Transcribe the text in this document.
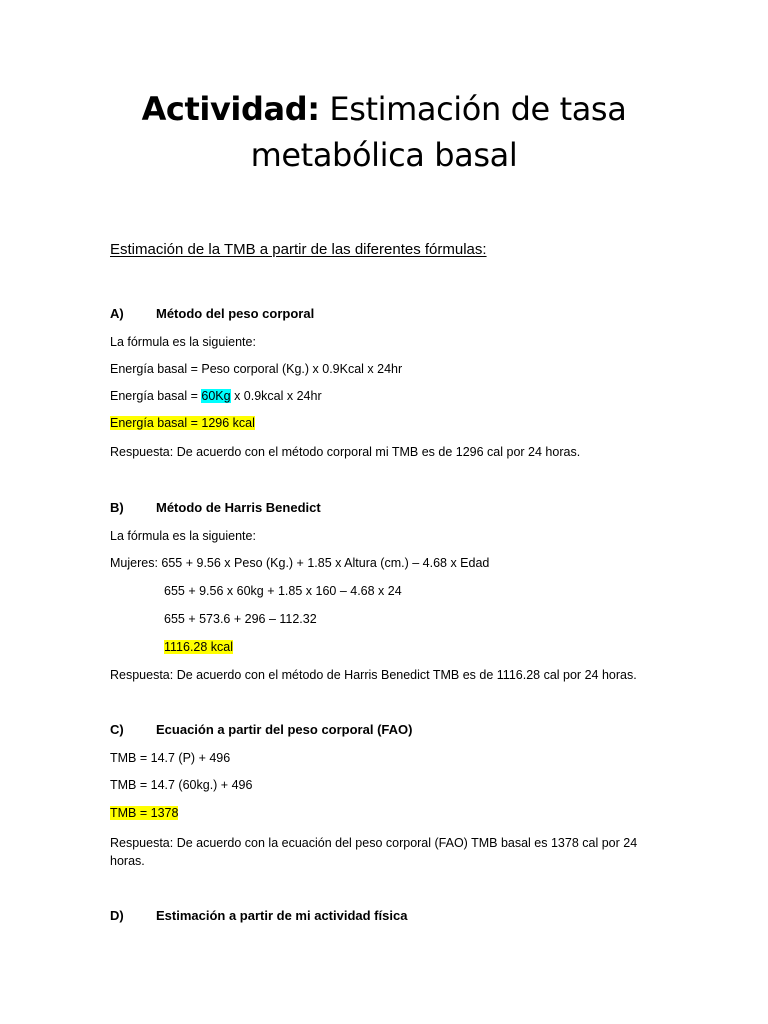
Actividad: Estimación de tasa
metabólica basal
Estimación de la TMB a partir de las diferentes fórmulas:
A) Método del peso corporal
La fórmula es la siguiente:
Energía basal = Peso corporal (Kg.) x 0.9Kcal x 24hr
Energía basal = 60Kg x 0.9kcal x 24hr
Energía basal = 1296 kcal
Respuesta: De acuerdo con el método corporal mi TMB es de 1296 cal por 24 horas.
B) Método de Harris Benedict
La fórmula es la siguiente:
Mujeres: 655 + 9.56 x Peso (Kg.) + 1.85 x Altura (cm.) – 4.68 x Edad
655 + 9.56 x 60kg + 1.85 x 160 – 4.68 x 24
655 + 573.6 + 296 – 112.32
1116.28 kcal
Respuesta: De acuerdo con el método de Harris Benedict TMB es de 1116.28 cal por 24 horas.
C) Ecuación a partir del peso corporal (FAO)
TMB = 14.7 (P) + 496
TMB = 14.7 (60kg.) + 496
TMB = 1378
Respuesta: De acuerdo con la ecuación del peso corporal (FAO) TMB basal es 1378 cal por 24 horas.
D) Estimación a partir de mi actividad física
